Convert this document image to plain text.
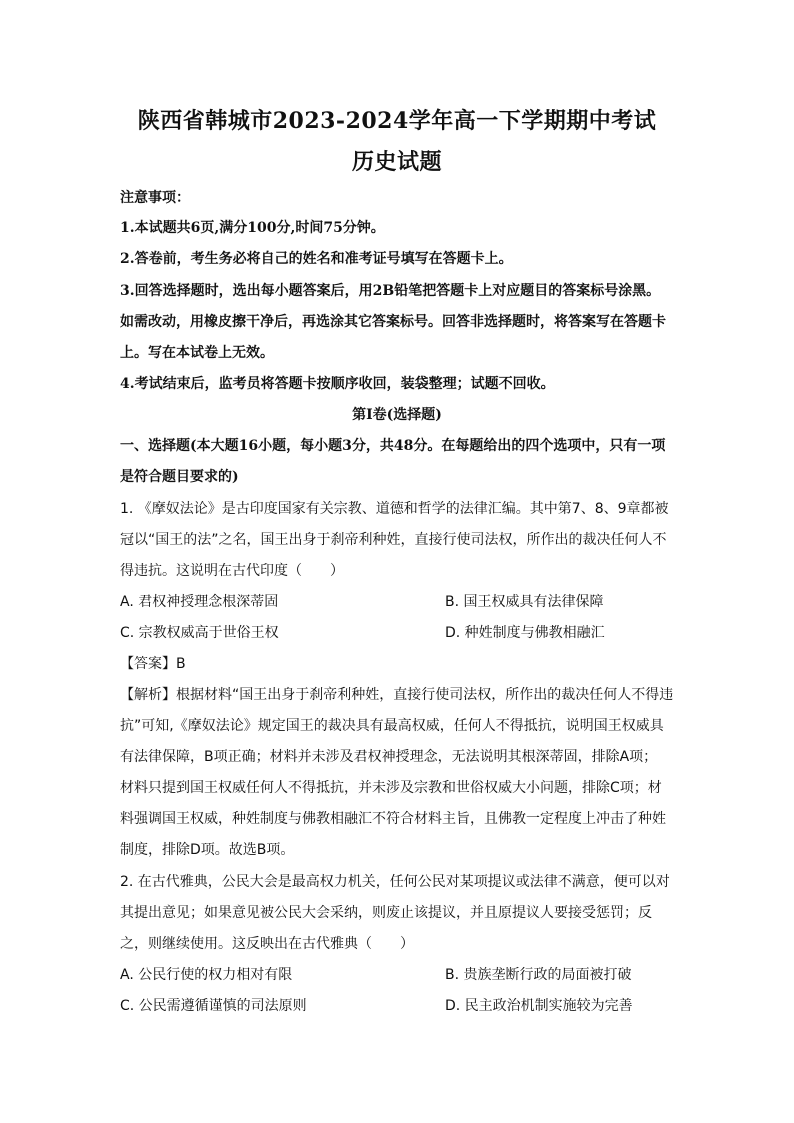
陕西省韩城市2023-2024学年高一下学期期中考试
历史试题
注意事项：
1.本试题共6页,满分100分,时间75分钟。
2.答卷前，考生务必将自己的姓名和准考证号填写在答题卡上。
3.回答选择题时，选出每小题答案后，用2B铅笔把答题卡上对应题目的答案标号涂黑。
如需改动，用橡皮擦干净后，再选涂其它答案标号。回答非选择题时，将答案写在答题卡
上。写在本试卷上无效。
4.考试结束后，监考员将答题卡按顺序收回，装袋整理；试题不回收。
第Ⅰ卷(选择题)
一、选择题(本大题16小题，每小题3分，共48分。在每题给出的四个选项中，只有一项
是符合题目要求的)
1. 《摩奴法论》是古印度国家有关宗教、道德和哲学的法律汇编。其中第7、8、9章都被
冠以“国王的法”之名，国王出身于刹帝利种姓，直接行使司法权，所作出的裁决任何人不
得违抗。这说明在古代印度（　　）
A. 君权神授理念根深蒂固	B. 国王权威具有法律保障
C. 宗教权威高于世俗王权	D. 种姓制度与佛教相融汇
【答案】B
【解析】根据材料“国王出身于刹帝利种姓，直接行使司法权，所作出的裁决任何人不得违
抗”可知,《摩奴法论》规定国王的裁决具有最高权威，任何人不得抵抗，说明国王权威具
有法律保障，B项正确；材料并未涉及君权神授理念，无法说明其根深蒂固，排除A项；
材料只提到国王权威任何人不得抵抗，并未涉及宗教和世俗权威大小问题，排除C项；材
料强调国王权威，种姓制度与佛教相融汇不符合材料主旨，且佛教一定程度上冲击了种姓
制度，排除D项。故选B项。
2. 在古代雅典，公民大会是最高权力机关，任何公民对某项提议或法律不满意，便可以对
其提出意见；如果意见被公民大会采纳，则废止该提议，并且原提议人要接受惩罚；反
之，则继续使用。这反映出在古代雅典（　　）
A. 公民行使的权力相对有限	B. 贵族垄断行政的局面被打破
C. 公民需遵循谨慎的司法原则	D. 民主政治机制实施较为完善
